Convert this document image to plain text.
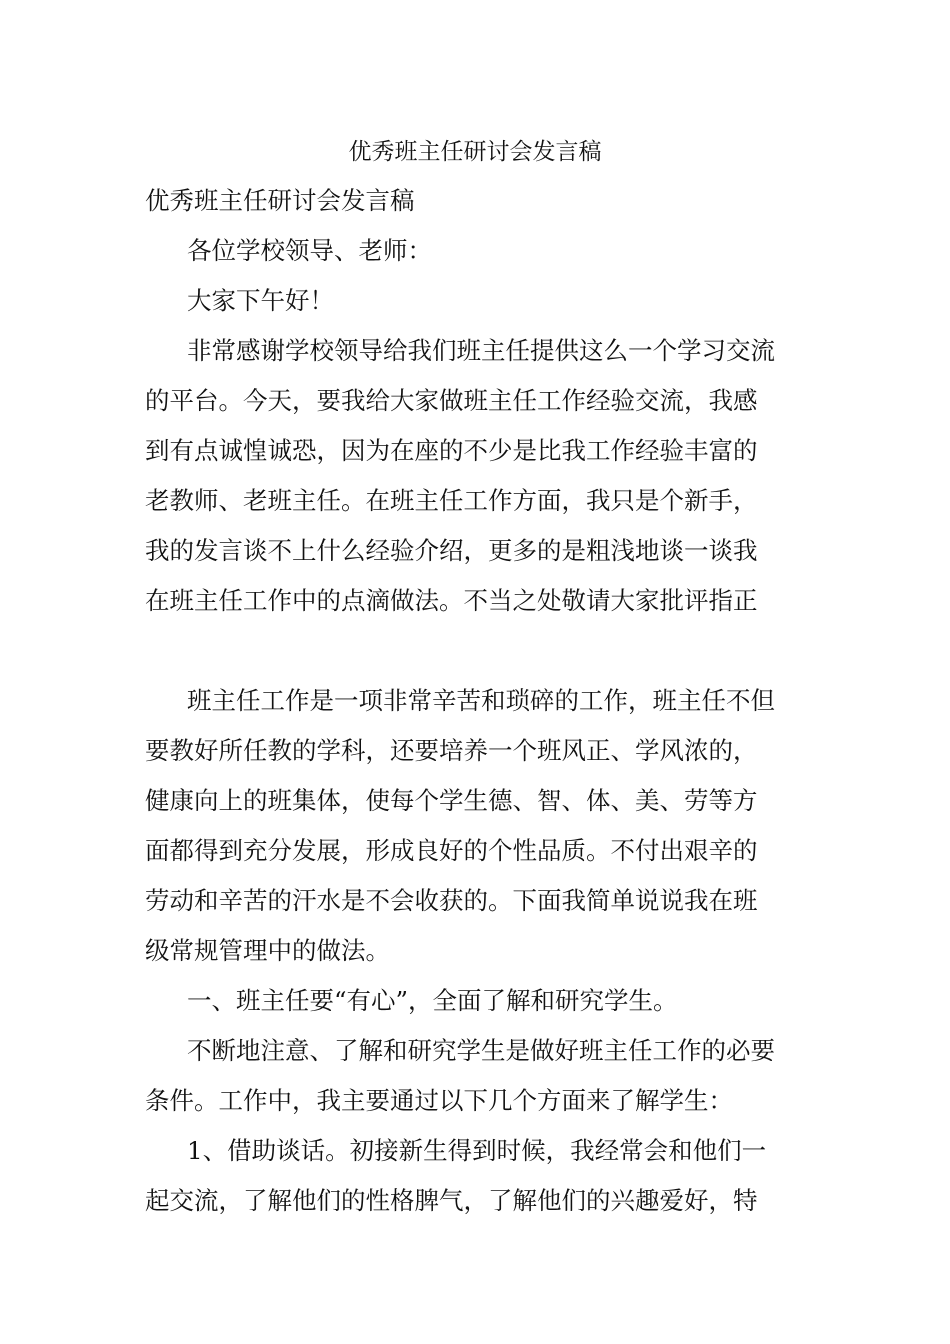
优秀班主任研讨会发言稿

优秀班主任研讨会发言稿

各位学校领导、老师：

大家下午好！

非常感谢学校领导给我们班主任提供这么一个学习交流

的平台。今天，要我给大家做班主任工作经验交流，我感

到有点诚惶诚恐，因为在座的不少是比我工作经验丰富的

老教师、老班主任。在班主任工作方面，我只是个新手，

我的发言谈不上什么经验介绍，更多的是粗浅地谈一谈我

在班主任工作中的点滴做法。不当之处敬请大家批评指正

班主任工作是一项非常辛苦和琐碎的工作，班主任不但

要教好所任教的学科，还要培养一个班风正、学风浓的，

健康向上的班集体，使每个学生德、智、体、美、劳等方

面都得到充分发展，形成良好的个性品质。不付出艰辛的

劳动和辛苦的汗水是不会收获的。下面我简单说说我在班

级常规管理中的做法。

一、班主任要“有心”，全面了解和研究学生。

不断地注意、了解和研究学生是做好班主任工作的必要

条件。工作中，我主要通过以下几个方面来了解学生：

1、借助谈话。初接新生得到时候，我经常会和他们一

起交流，了解他们的性格脾气，了解他们的兴趣爱好，特
